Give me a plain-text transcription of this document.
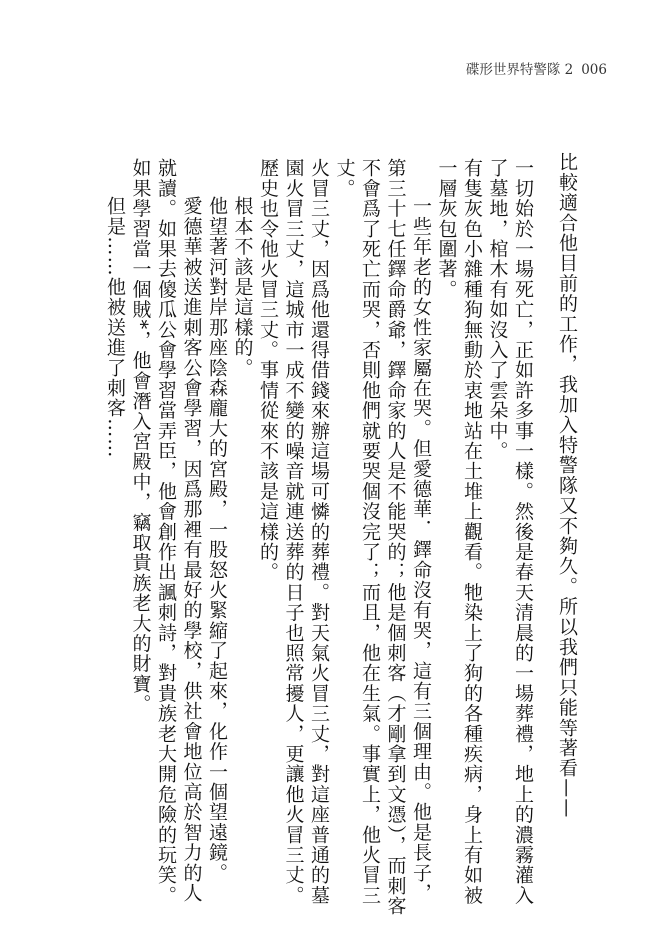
碟形世界特警隊 2 006
比較適合他目前的工作，我加入特警隊又不夠久。所以我們只能等著看——

一切始於一場死亡，正如許多事一樣。然後是春天清晨的一場葬禮，地上的濃霧灌入了墓地，棺木有如沒入了雲朵中。

有隻灰色小雜種狗無動於衷地站在土堆上觀看。牠染上了狗的各種疾病，身上有如被一層灰包圍著。

一些年老的女性家屬在哭。但愛德華．鐸命沒有哭，這有三個理由。他是長子，第三十七任鐸命爵爺，鐸命家的人是不能哭的；他是個刺客（才剛拿到文憑），而刺客不會爲了死亡而哭，否則他們就要哭個沒完了；而且，他在生氣。事實上，他火冒三丈。

火冒三丈，因爲他還得借錢來辦這場可憐的葬禮。對天氣火冒三丈，對這座普通的墓園火冒三丈，這城市一成不變的噪音就連送葬的日子也照常擾人，更讓他火冒三丈。歷史也令他火冒三丈。事情從來不該是這樣的。

根本不該是這樣的。

他望著河對岸那座陰森龐大的宮殿，一股怒火緊縮了起來，化作一個望遠鏡。

愛德華被送進刺客公會學習，因爲那裡有最好的學校，供社會地位高於智力的人就讀。如果去傻瓜公會學習當弄臣，他會創作出諷刺詩，對貴族老大開危險的玩笑。如果學習當一個賊*，他會潛入宮殿中，竊取貴族老大的財寶。

但是……他被送進了刺客……
